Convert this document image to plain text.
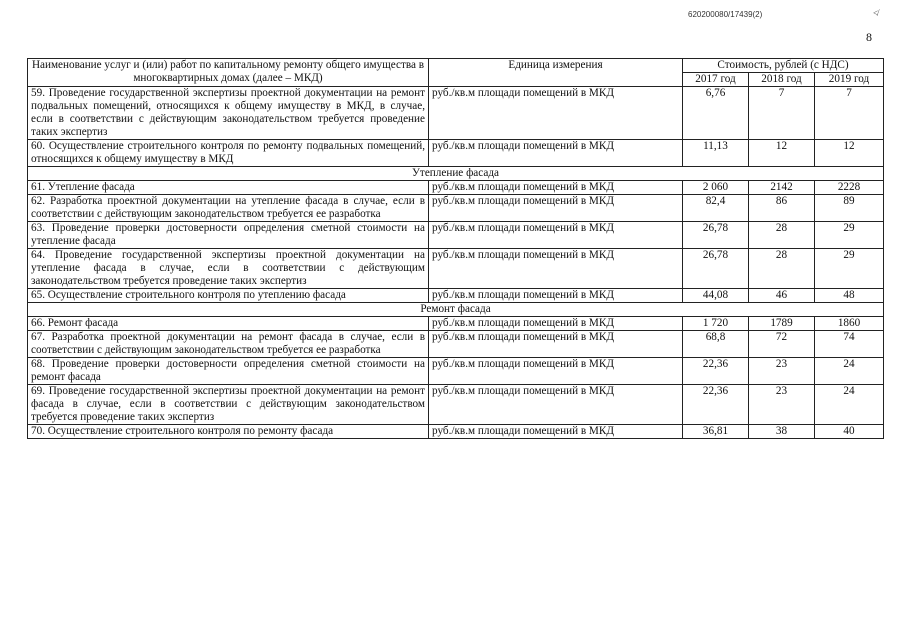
620200080/17439(2)	≮
8
Наименование услуг и (или) работ по капитальному ремонту общего имущества в многоквартирных домах (далее – МКД)	Единица измерения	Стоимость, рублей (с НДС)		
		2017 год	2018 год	2019 год
59. Проведение государственной экспертизы проектной документации на ремонт подвальных помещений, относящихся к общему имуществу в МКД, в случае, если в соответствии с действующим законодательством требуется проведение таких экспертиз	руб./кв.м площади помещений в МКД	6,76	7	7
60. Осуществление строительного контроля по ремонту подвальных помещений, относящихся к общему имуществу в МКД	руб./кв.м площади помещений в МКД	11,13	12	12
Утепление фасада				
61. Утепление фасада	руб./кв.м площади помещений в МКД	2 060	2142	2228
62. Разработка проектной документации на утепление фасада в случае, если в соответствии с действующим законодательством требуется ее разработка	руб./кв.м площади помещений в МКД	82,4	86	89
63. Проведение проверки достоверности определения сметной стоимости на утепление фасада	руб./кв.м площади помещений в МКД	26,78	28	29
64. Проведение государственной экспертизы проектной документации на утепление фасада в случае, если в соответствии с действующим законодательством требуется проведение таких экспертиз	руб./кв.м площади помещений в МКД	26,78	28	29
65. Осуществление строительного контроля по утеплению фасада	руб./кв.м площади помещений в МКД	44,08	46	48
Ремонт фасада				
66. Ремонт фасада	руб./кв.м площади помещений в МКД	1 720	1789	1860
67. Разработка проектной документации на ремонт фасада в случае, если в соответствии с действующим законодательством требуется ее разработка	руб./кв.м площади помещений в МКД	68,8	72	74
68. Проведение проверки достоверности определения сметной стоимости на ремонт фасада	руб./кв.м площади помещений в МКД	22,36	23	24
69. Проведение государственной экспертизы проектной документации на ремонт фасада в случае, если в соответствии с действующим законодательством требуется проведение таких экспертиз	руб./кв.м площади помещений в МКД	22,36	23	24
70. Осуществление строительного контроля по ремонту фасада	руб./кв.м площади помещений в МКД	36,81	38	40
